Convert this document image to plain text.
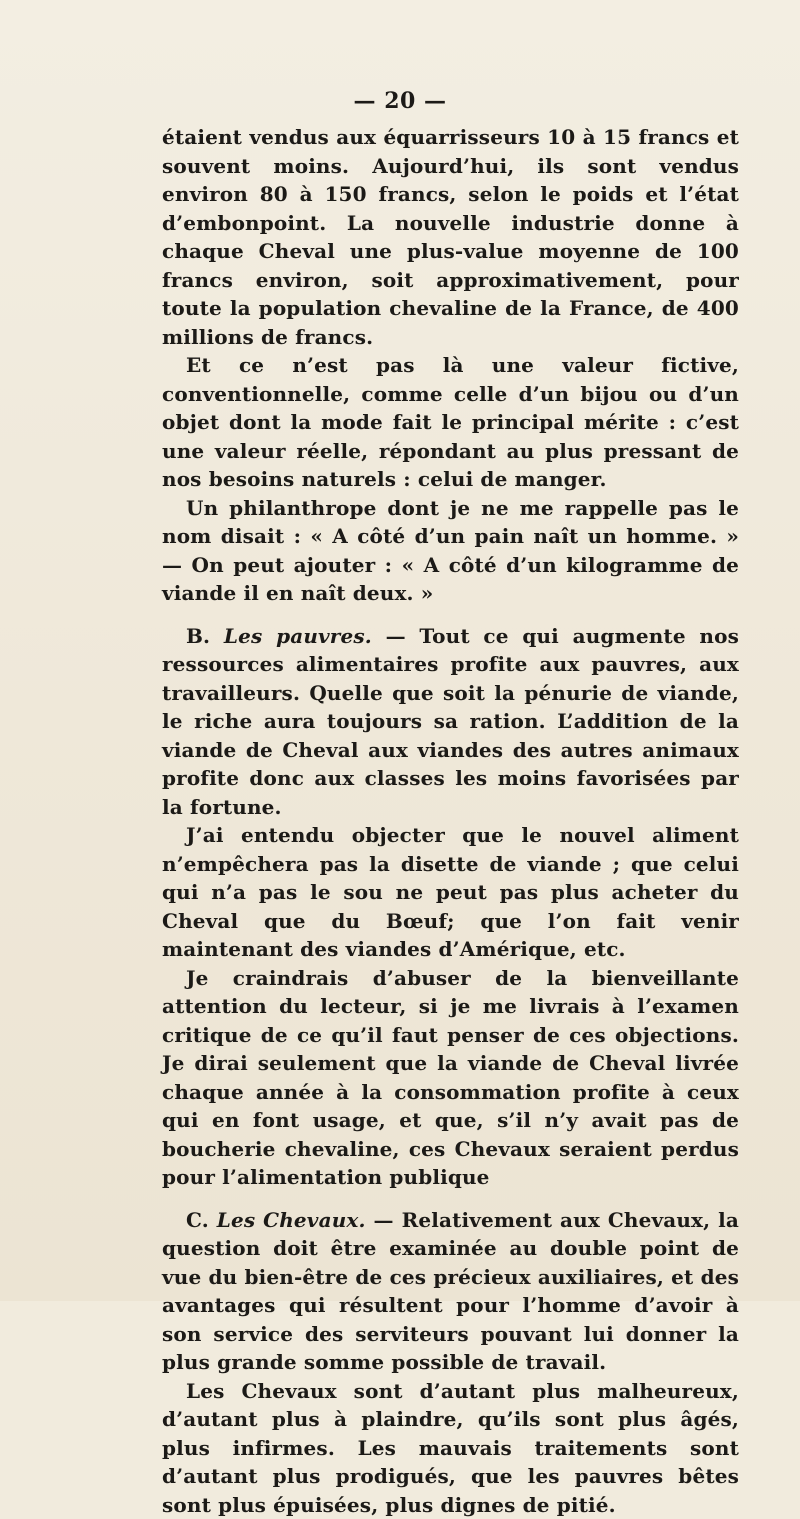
— 20 —

étaient vendus aux équarrisseurs 10 à 15 francs et souvent moins. Aujourd’hui, ils sont vendus environ 80 à 150 francs, selon le poids et l’état d’embonpoint. La nouvelle industrie donne à chaque Cheval une plus-value moyenne de 100 francs environ, soit approximativement, pour toute la population chevaline de la France, de 400 millions de francs.

Et ce n’est pas là une valeur fictive, conventionnelle, comme celle d’un bijou ou d’un objet dont la mode fait le principal mérite : c’est une valeur réelle, répondant au plus pressant de nos besoins naturels : celui de manger.

Un philanthrope dont je ne me rappelle pas le nom disait : « A côté d’un pain naît un homme. » — On peut ajouter : « A côté d’un kilogramme de viande il en naît deux. »

B. Les pauvres. — Tout ce qui augmente nos ressources alimentaires profite aux pauvres, aux travailleurs. Quelle que soit la pénurie de viande, le riche aura toujours sa ration. L’addition de la viande de Cheval aux viandes des autres animaux profite donc aux classes les moins favorisées par la fortune.

J’ai entendu objecter que le nouvel aliment n’empêchera pas la disette de viande ; que celui qui n’a pas le sou ne peut pas plus acheter du Cheval que du Bœuf; que l’on fait venir maintenant des viandes d’Amérique, etc.

Je craindrais d’abuser de la bienveillante attention du lecteur, si je me livrais à l’examen critique de ce qu’il faut penser de ces objections. Je dirai seulement que la viande de Cheval livrée chaque année à la consommation profite à ceux qui en font usage, et que, s’il n’y avait pas de boucherie chevaline, ces Chevaux seraient perdus pour l’alimentation publique

C. Les Chevaux. — Relativement aux Chevaux, la question doit être examinée au double point de vue du bien-être de ces précieux auxiliaires, et des avantages qui résultent pour l’homme d’avoir à son service des serviteurs pouvant lui donner la plus grande somme possible de travail.

Les Chevaux sont d’autant plus malheureux, d’autant plus à plaindre, qu’ils sont plus âgés, plus infirmes. Les mauvais traitements sont d’autant plus prodigués, que les pauvres bêtes sont plus épuisées, plus dignes de pitié.
